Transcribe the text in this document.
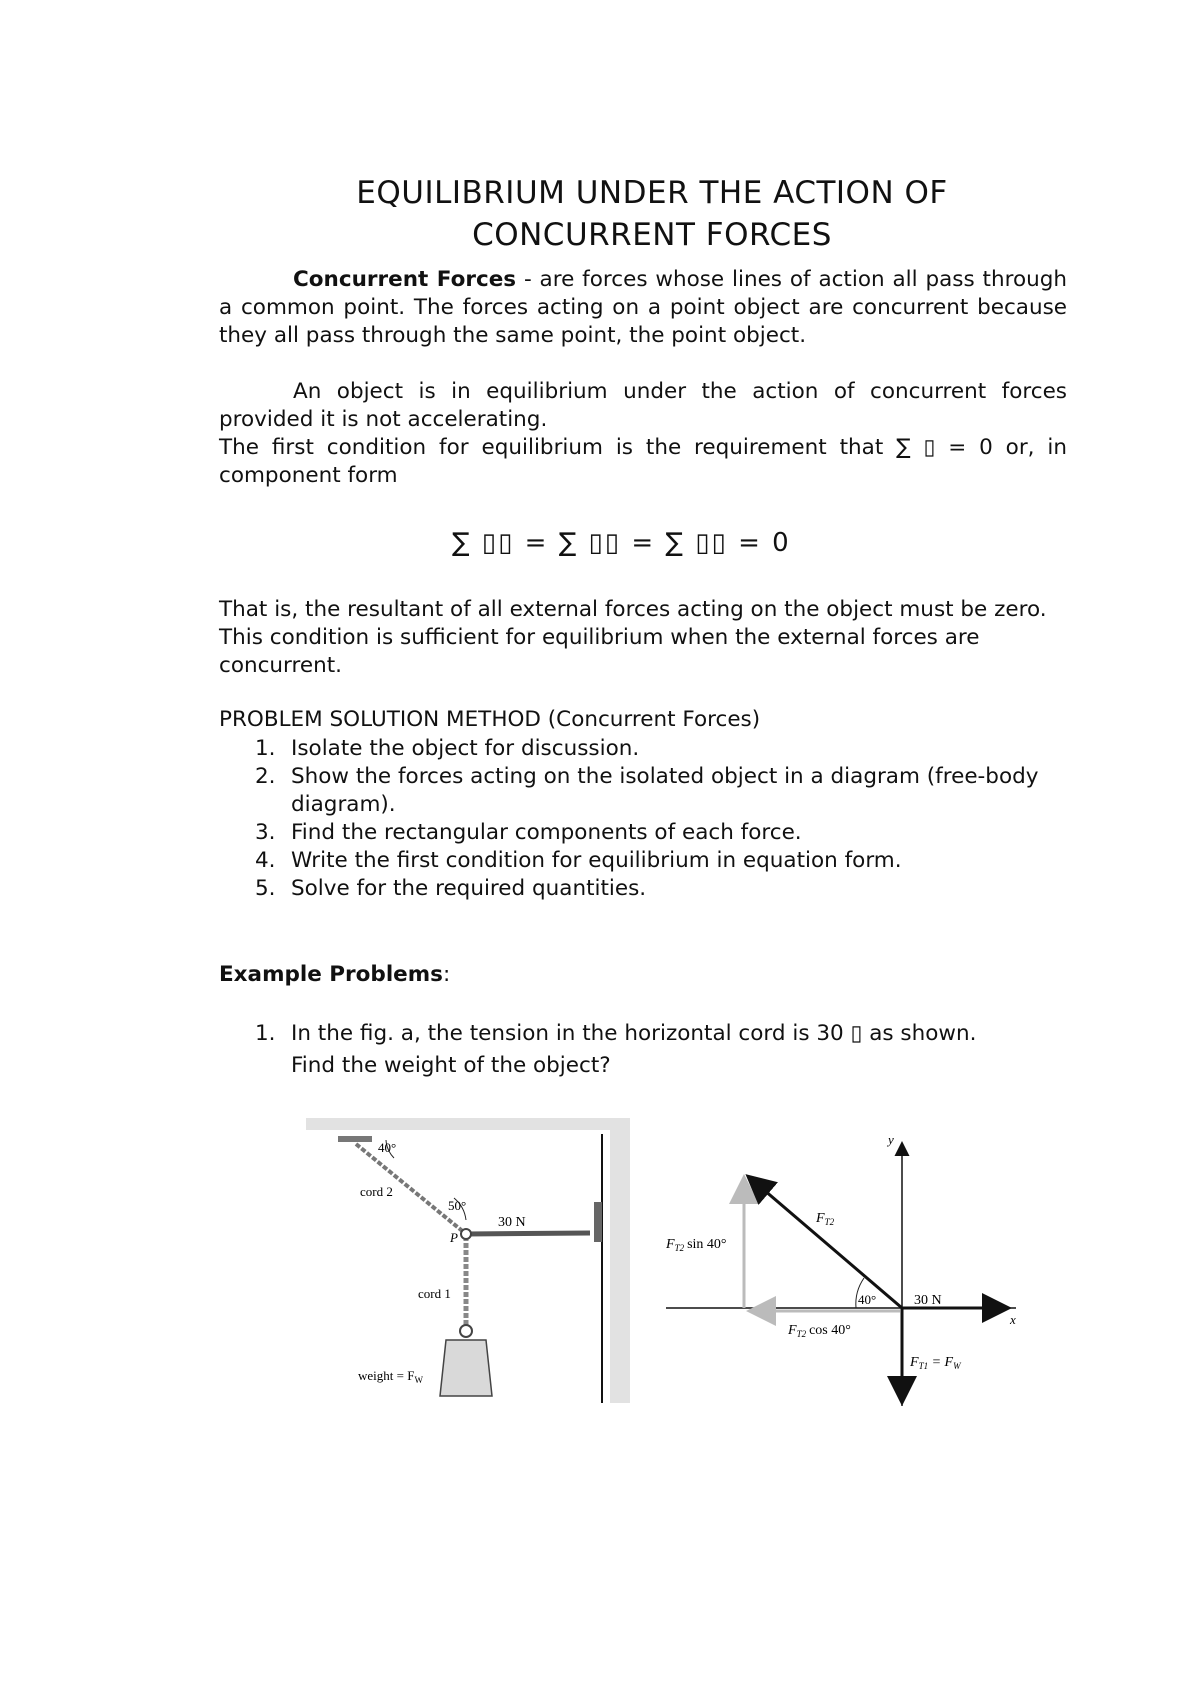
EQUILIBRIUM UNDER THE ACTION OF
CONCURRENT FORCES
Concurrent Forces - are forces whose lines of action all pass through a common point. The forces acting on a point object are concurrent because they all pass through the same point, the point object.
An object is in equilibrium under the action of concurrent forces provided it is not accelerating.
The first condition for equilibrium is the requirement that ∑ ▯ = 0 or, in component form
∑ ▯▯ = ∑ ▯▯ = ∑ ▯▯ = 0
That is, the resultant of all external forces acting on the object must be zero. This condition is sufficient for equilibrium when the external forces are concurrent.
PROBLEM SOLUTION METHOD (Concurrent Forces)
1. Isolate the object for discussion.
2. Show the forces acting on the isolated object in a diagram (free-body diagram).
3. Find the rectangular components of each force.
4. Write the first condition for equilibrium in equation form.
5. Solve for the required quantities.
Example Problems:
1. In the fig. a, the tension in the horizontal cord is 30 ▯ as shown.
Find the weight of the object?
40°
cord 2
50°
P
30 N
cord 1
weight = $F_W$
y
x
$F_{T2}$
$F_{T2}$ sin 40°
40°	30 N
$F_{T2}$ cos 40°
$F_{T1} = F_W$
